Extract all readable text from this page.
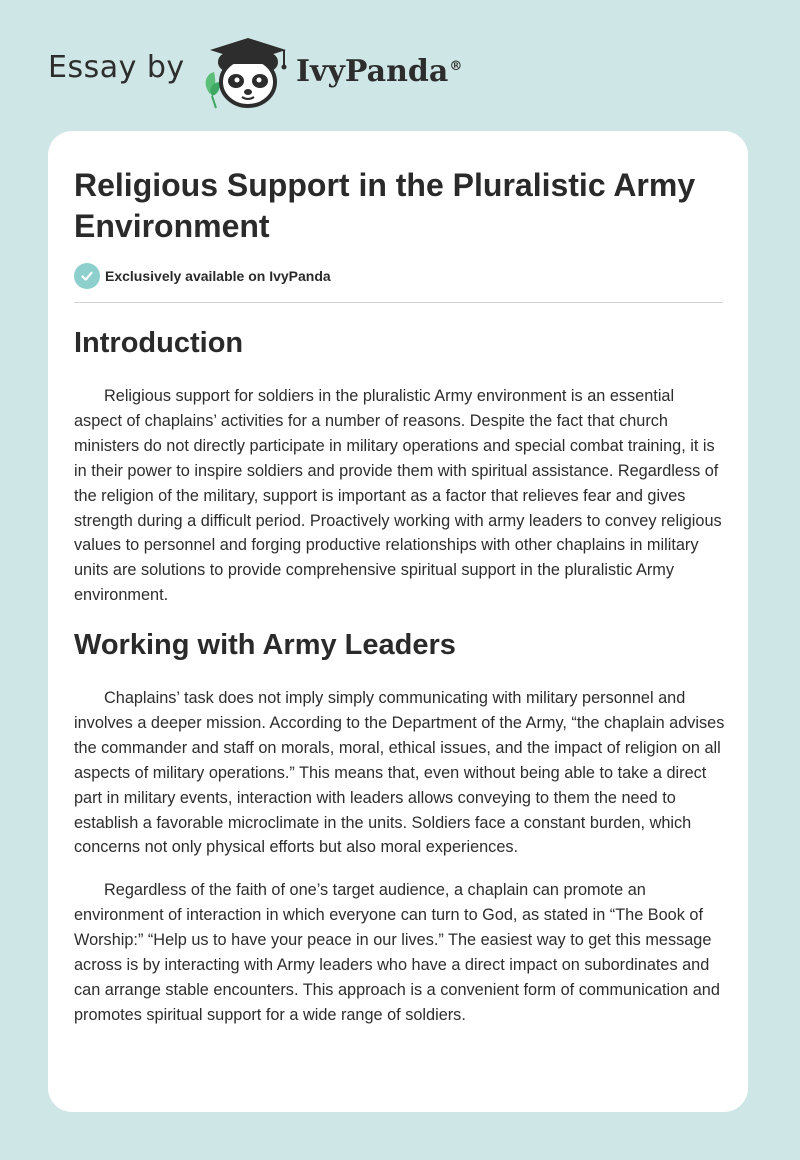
Essay by	IvyPanda®
Religious Support in the Pluralistic Army Environment
Exclusively available on IvyPanda
Introduction

Religious support for soldiers in the pluralistic Army environment is an essential aspect of chaplains’ activities for a number of reasons. Despite the fact that church ministers do not directly participate in military operations and special combat training, it is in their power to inspire soldiers and provide them with spiritual assistance. Regardless of the religion of the military, support is important as a factor that relieves fear and gives strength during a difficult period. Proactively working with army leaders to convey religious values to personnel and forging productive relationships with other chaplains in military units are solutions to provide comprehensive spiritual support in the pluralistic Army environment.

Working with Army Leaders

Chaplains’ task does not imply simply communicating with military personnel and involves a deeper mission. According to the Department of the Army, “the chaplain advises the commander and staff on morals, moral, ethical issues, and the impact of religion on all aspects of military operations.” This means that, even without being able to take a direct part in military events, interaction with leaders allows conveying to them the need to establish a favorable microclimate in the units. Soldiers face a constant burden, which concerns not only physical efforts but also moral experiences.

Regardless of the faith of one’s target audience, a chaplain can promote an environment of interaction in which everyone can turn to God, as stated in “The Book of Worship:” “Help us to have your peace in our lives.” The easiest way to get this message across is by interacting with Army leaders who have a direct impact on subordinates and can arrange stable encounters. This approach is a convenient form of communication and promotes spiritual support for a wide range of soldiers.
